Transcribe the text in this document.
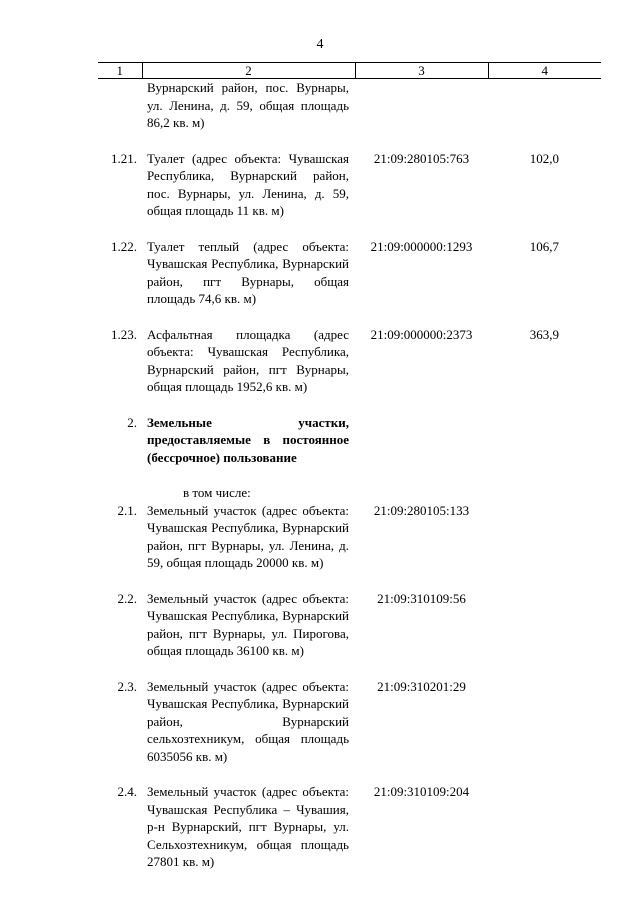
4
1	2	3	4
	Вурнарский район, пос. Вурнары, ул. Ленина, д. 59, общая площадь 86,2 кв. м)		
1.21.	Туалет (адрес объекта: Чувашская Республика, Вурнарский район, пос. Вурнары, ул. Ленина, д. 59, общая площадь 11 кв. м)	21:09:280105:763	102,0
1.22.	Туалет теплый (адрес объекта: Чувашская Республика, Вурнарский район, пгт Вурнары, общая площадь 74,6 кв. м)	21:09:000000:1293	106,7
1.23.	Асфальтная площадка (адрес объекта: Чувашская Республика, Вурнарский район, пгт Вурнары, общая площадь 1952,6 кв. м)	21:09:000000:2373	363,9
2.	Земельные участки, предоставляемые в постоянное (бессрочное) пользование		

	в том числе:		

2.1.	Земельный участок (адрес объекта: Чувашская Республика, Вурнарский район, пгт Вурнары, ул. Ленина, д. 59, общая площадь 20000 кв. м)	21:09:280105:133	
2.2.	Земельный участок (адрес объекта: Чувашская Республика, Вурнарский район, пгт Вурнары, ул. Пирогова, общая площадь 36100 кв. м)	21:09:310109:56	
2.3.	Земельный участок (адрес объекта: Чувашская Республика, Вурнарский район, Вурнарский сельхозтехникум, общая площадь 6035056 кв. м)	21:09:310201:29	
2.4.	Земельный участок (адрес объекта: Чувашская Республика – Чувашия, р-н Вурнарский, пгт Вурнары, ул. Сельхозтехникум, общая площадь 27801 кв. м)	21:09:310109:204	
